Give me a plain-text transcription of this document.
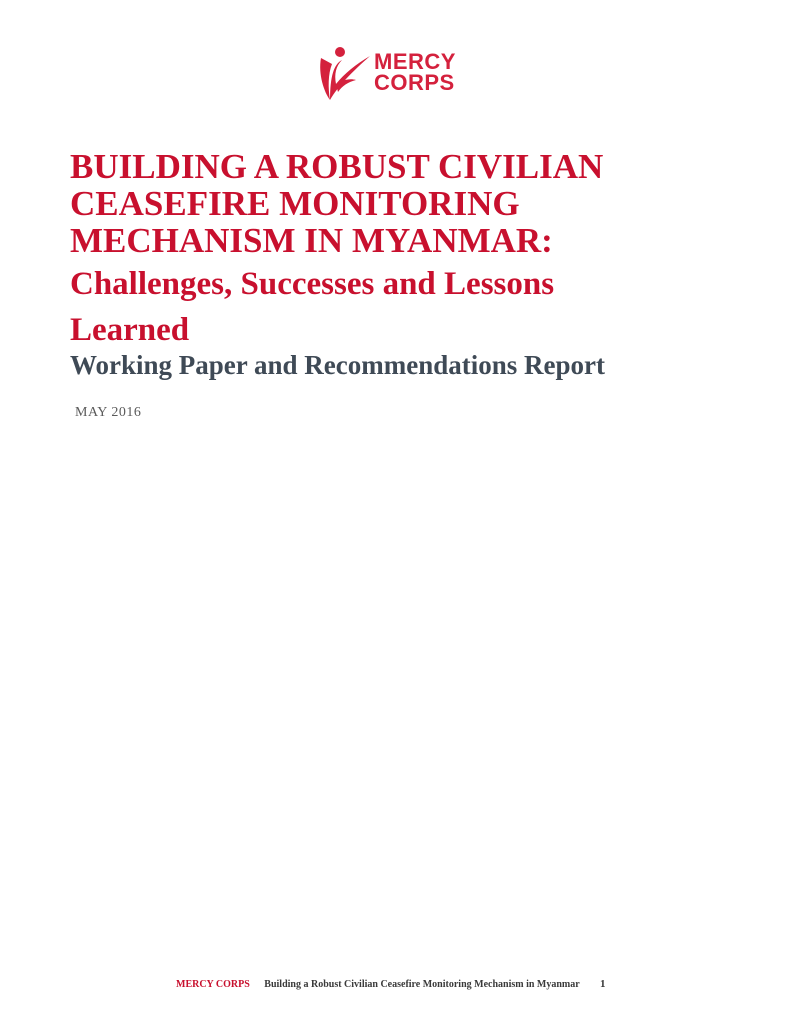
MERCY
CORPS
BUILDING A ROBUST CIVILIAN
CEASEFIRE MONITORING
MECHANISM IN MYANMAR:
Challenges, Successes and Lessons
Learned
Working Paper and Recommendations Report
MAY 2016
MERCY CORPS Building a Robust Civilian Ceasefire Monitoring Mechanism in Myanmar 1
